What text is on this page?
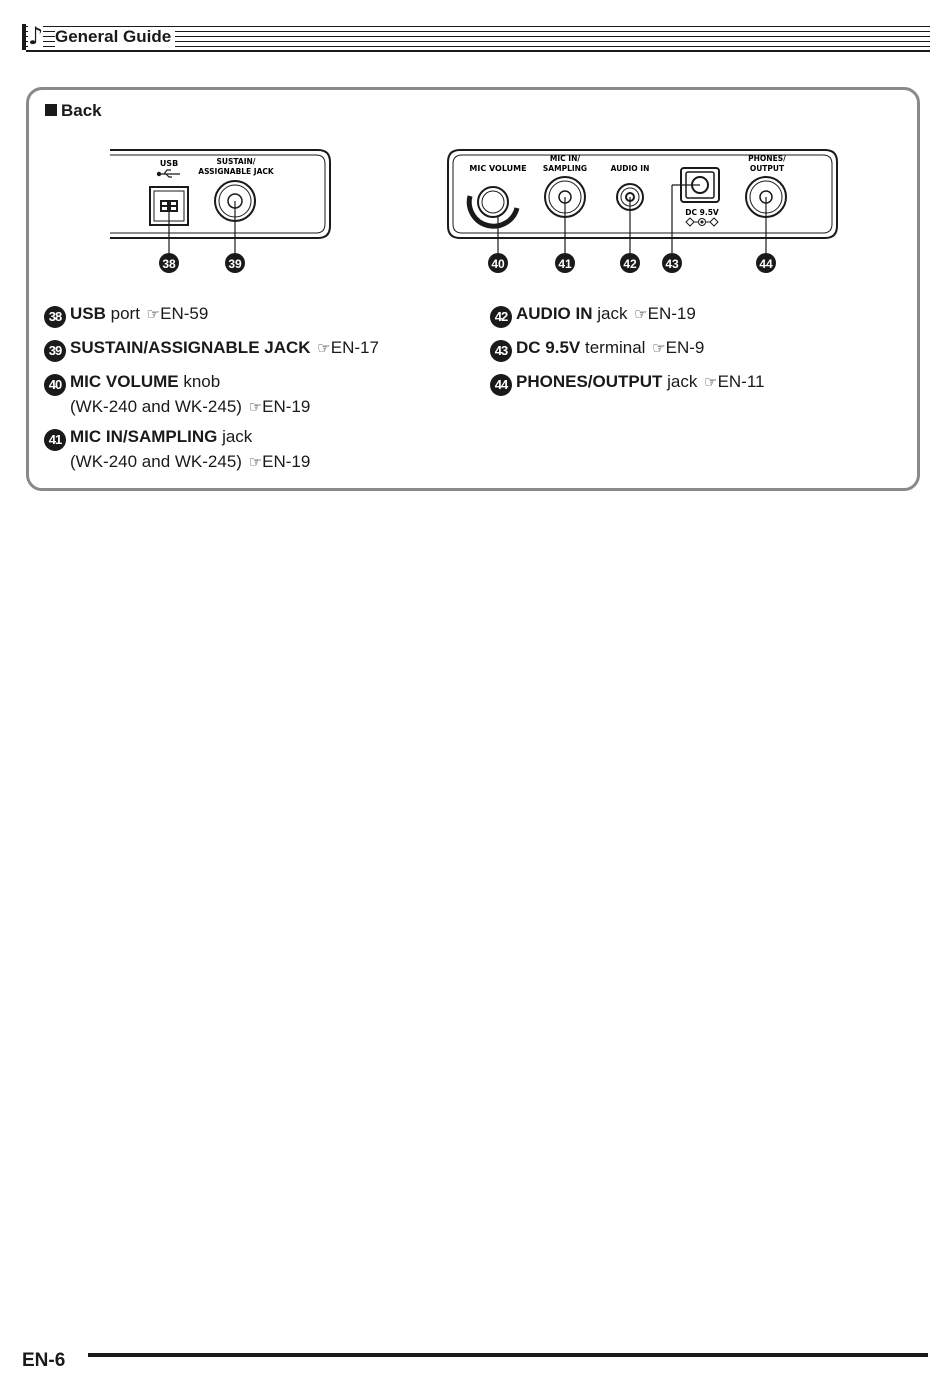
♪ General Guide
Back
USB	SUSTAIN/
ASSIGNABLE JACK	MIC VOLUME
MIC IN/
SAMPLING	AUDIO IN
DC 9.5V
PHONES/
OUTPUT
38	39	40	41	42 43	44
38 USB port ☞EN-59
39 SUSTAIN/ASSIGNABLE JACK ☞EN-17
40 MIC VOLUME knob
(WK-240 and WK-245) ☞EN-19
41 MIC IN/SAMPLING jack
(WK-240 and WK-245) ☞EN-19
42 AUDIO IN jack ☞EN-19
43 DC 9.5V terminal ☞EN-9
44 PHONES/OUTPUT jack ☞EN-11
EN-6
